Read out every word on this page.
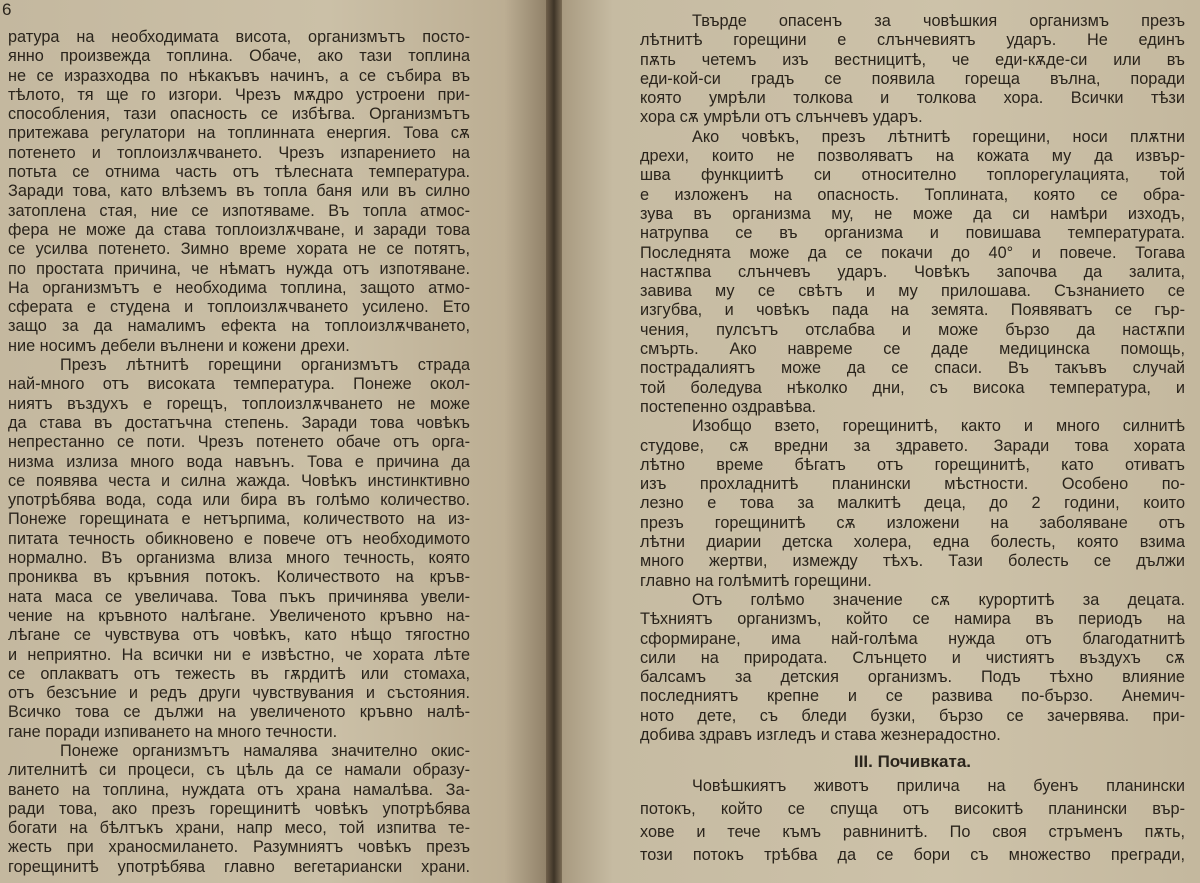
6
ратура на необходимата висота, организмътъ посто-
янно произвежда топлина. Обаче, ако тази топлина
не се изразходва по нѣкакъвъ начинъ, а се събира въ
тѣлото, тя ще го изгори. Чрезъ мѫдро устроени при-
способления, тази опасность се избѣгва. Организмътъ
притежава регулатори на топлинната енергия. Това сѫ
потенето и топлоизлѫчването. Чрезъ изпарението на
потьта се отнима часть отъ тѣлесната температура.
Заради това, като влѣземъ въ топла баня или въ силно
затоплена стая, ние се изпотяваме. Въ топла атмос-
фера не може да става топлоизлѫчване, и заради това
се усилва потенето. Зимно време хората не се потятъ,
по простата причина, че нѣматъ нужда отъ изпотяване.
На организмътъ е необходима топлина, защото атмо-
сферата е студена и топлоизлѫчването усилено. Ето
защо за да намалимъ ефекта на топлоизлѫчването,
ние носимъ дебели вълнени и кожени дрехи.
Презъ лѣтнитѣ горещини организмътъ страда
най-много отъ високата температура. Понеже окол-
ниятъ въздухъ е горещъ, топлоизлѫчването не може
да става въ достатъчна степень. Заради това човѣкъ
непрестанно се поти. Чрезъ потенето обаче отъ орга-
низма излиза много вода навънъ. Това е причина да
се появява честа и силна жажда. Човѣкъ инстинктивно
употрѣбява вода, сода или бира въ голѣмо количество.
Понеже горещината е нетърпима, количеството на из-
питата течность обикновено е повече отъ необходимото
нормално. Въ организма влиза много течность, която
прониква въ кръвния потокъ. Количеството на кръв-
ната маса се увеличава. Това пъкъ причинява увели-
чение на кръвното налѣгане. Увеличеното кръвно на-
лѣгане се чувствува отъ човѣкъ, като нѣщо тягостно
и неприятно. На всички ни е извѣстно, че хората лѣте
се оплакватъ отъ тежесть въ гѫрдитѣ или стомаха,
отъ безсъние и редъ други чувствувания и състояния.
Всичко това се дължи на увеличеното кръвно налѣ-
гане поради изпиването на много течности.
Понеже организмътъ намалява значително окис-
лителнитѣ си процеси, съ цѣль да се намали образу-
ването на топлина, нуждата отъ храна намалѣва. За-
ради това, ако презъ горещинитѣ човѣкъ употрѣбява
богати на бѣлтъкъ храни, напр месо, той изпитва те-
жесть при храносмилането. Разумниятъ човѣкъ презъ
горещинитѣ употрѣбява главно вегетариански храни.
Твърде опасенъ за човѣшкия организмъ презъ
лѣтнитѣ горещини е слънчевиятъ ударъ. Не единъ
пѫть четемъ изъ вестницитѣ, че еди-кѫде-си или въ
еди-кой-си градъ се появила гореща вълна, поради
която умрѣли толкова и толкова хора. Всички тѣзи
хора сѫ умрѣли отъ слънчевъ ударъ.
Ако човѣкъ, презъ лѣтнитѣ горещини, носи плѫтни
дрехи, които не позволяватъ на кожата му да извър-
шва функциитѣ си относително топлорегулацията, той
е изложенъ на опасность. Топлината, която се обра-
зува въ организма му, не може да си намѣри изходъ,
натрупва се въ организма и повишава температурата.
Последнята може да се покачи до 40° и повече. Тогава
настѫпва слънчевъ ударъ. Човѣкъ започва да залита,
завива му се свѣтъ и му прилошава. Съзнанието се
изгубва, и човѣкъ пада на земята. Появяватъ се гър-
чения, пулсътъ отслабва и може бързо да настѫпи
смърть. Ако навреме се даде медицинска помощь,
пострадалиятъ може да се спаси. Въ такъвъ случай
той боледува нѣколко дни, съ висока температура, и
постепенно оздравѣва.
Изобщо взето, горещинитѣ, както и много силнитѣ
студове, сѫ вредни за здравето. Заради това хората
лѣтно време бѣгатъ отъ горещинитѣ, като отиватъ
изъ прохладнитѣ планински мѣстности. Особено по-
лезно е това за малкитѣ деца, до 2 години, които
презъ горещинитѣ сѫ изложени на заболяване отъ
лѣтни диарии детска холера, една болесть, която взима
много жертви, измежду тѣхъ. Тази болесть се дължи
главно на голѣмитѣ горещини.
Отъ голѣмо значение сѫ курортитѣ за децата.
Тѣхниятъ организмъ, който се намира въ периодъ на
сформиране, има най-голѣма нужда отъ благодатнитѣ
сили на природата. Слънцето и чистиятъ въздухъ сѫ
балсамъ за детския организмъ. Подъ тѣхно влияние
последниятъ крепне и се развива по-бързо. Анемич-
ното дете, съ бледи бузки, бързо се зачервява. при-
добива здравъ изгледъ и става жезнерадостно.
III. Почивката.
Човѣшкиятъ животъ прилича на буенъ планински
потокъ, който се спуща отъ високитѣ планински вър-
хове и тече къмъ равнинитѣ. По своя стръменъ пѫть,
този потокъ трѣбва да се бори съ множество прегради,
